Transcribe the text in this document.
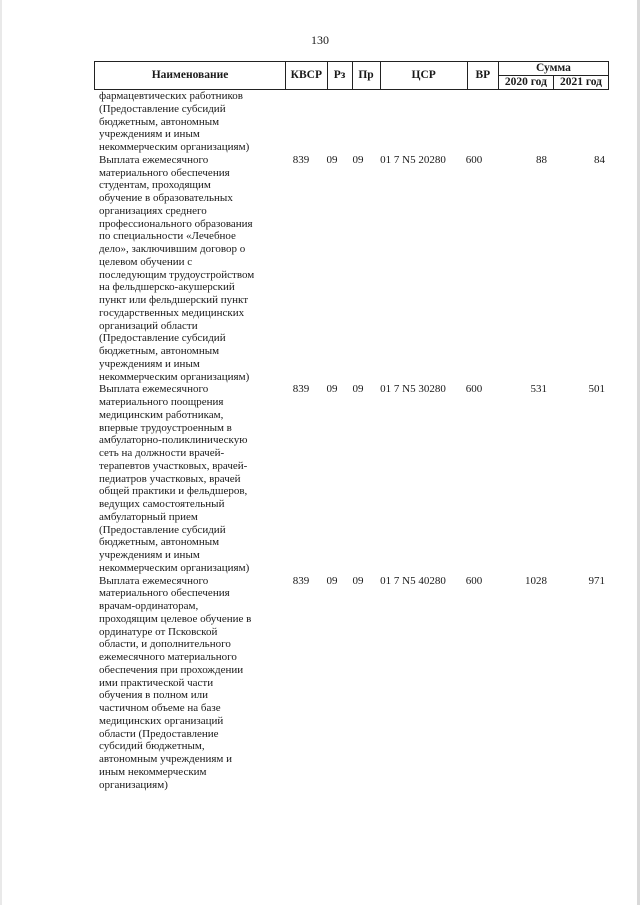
130
Наименование	КВСР	Рз	Пр	ЦСР	ВР	Сумма	
						2020 год	2021 год
фармацевтических работников
(Предоставление субсидий
бюджетным, автономным
учреждениям и иным
некоммерческим организациям)
Выплата ежемесячного
материального обеспечения
студентам, проходящим
обучение в образовательных
организациях среднего
профессионального образования
по специальности «Лечебное
дело», заключившим договор о
целевом обучении с
последующим трудоустройством
на фельдшерско-акушерский
пункт или фельдшерский пункт
государственных медицинских
организаций области
(Предоставление субсидий
бюджетным, автономным
учреждениям и иным
некоммерческим организациям)
839	09	09	01 7 N5 20280	600	88	84
Выплата ежемесячного
материального поощрения
медицинским работникам,
впервые трудоустроенным в
амбулаторно-поликлиническую
сеть на должности врачей-
терапевтов участковых, врачей-
педиатров участковых, врачей
общей практики и фельдшеров,
ведущих самостоятельный
амбулаторный прием
(Предоставление субсидий
бюджетным, автономным
учреждениям и иным
некоммерческим организациям)
839	09	09	01 7 N5 30280	600	531	501
Выплата ежемесячного
материального обеспечения
врачам-ординаторам,
проходящим целевое обучение в
ординатуре от Псковской
области, и дополнительного
ежемесячного материального
обеспечения при прохождении
ими практической части
обучения в полном или
частичном объеме на базе
медицинских организаций
области (Предоставление
субсидий бюджетным,
автономным учреждениям и
иным некоммерческим
организациям)
839	09	09	01 7 N5 40280	600	1028	971
